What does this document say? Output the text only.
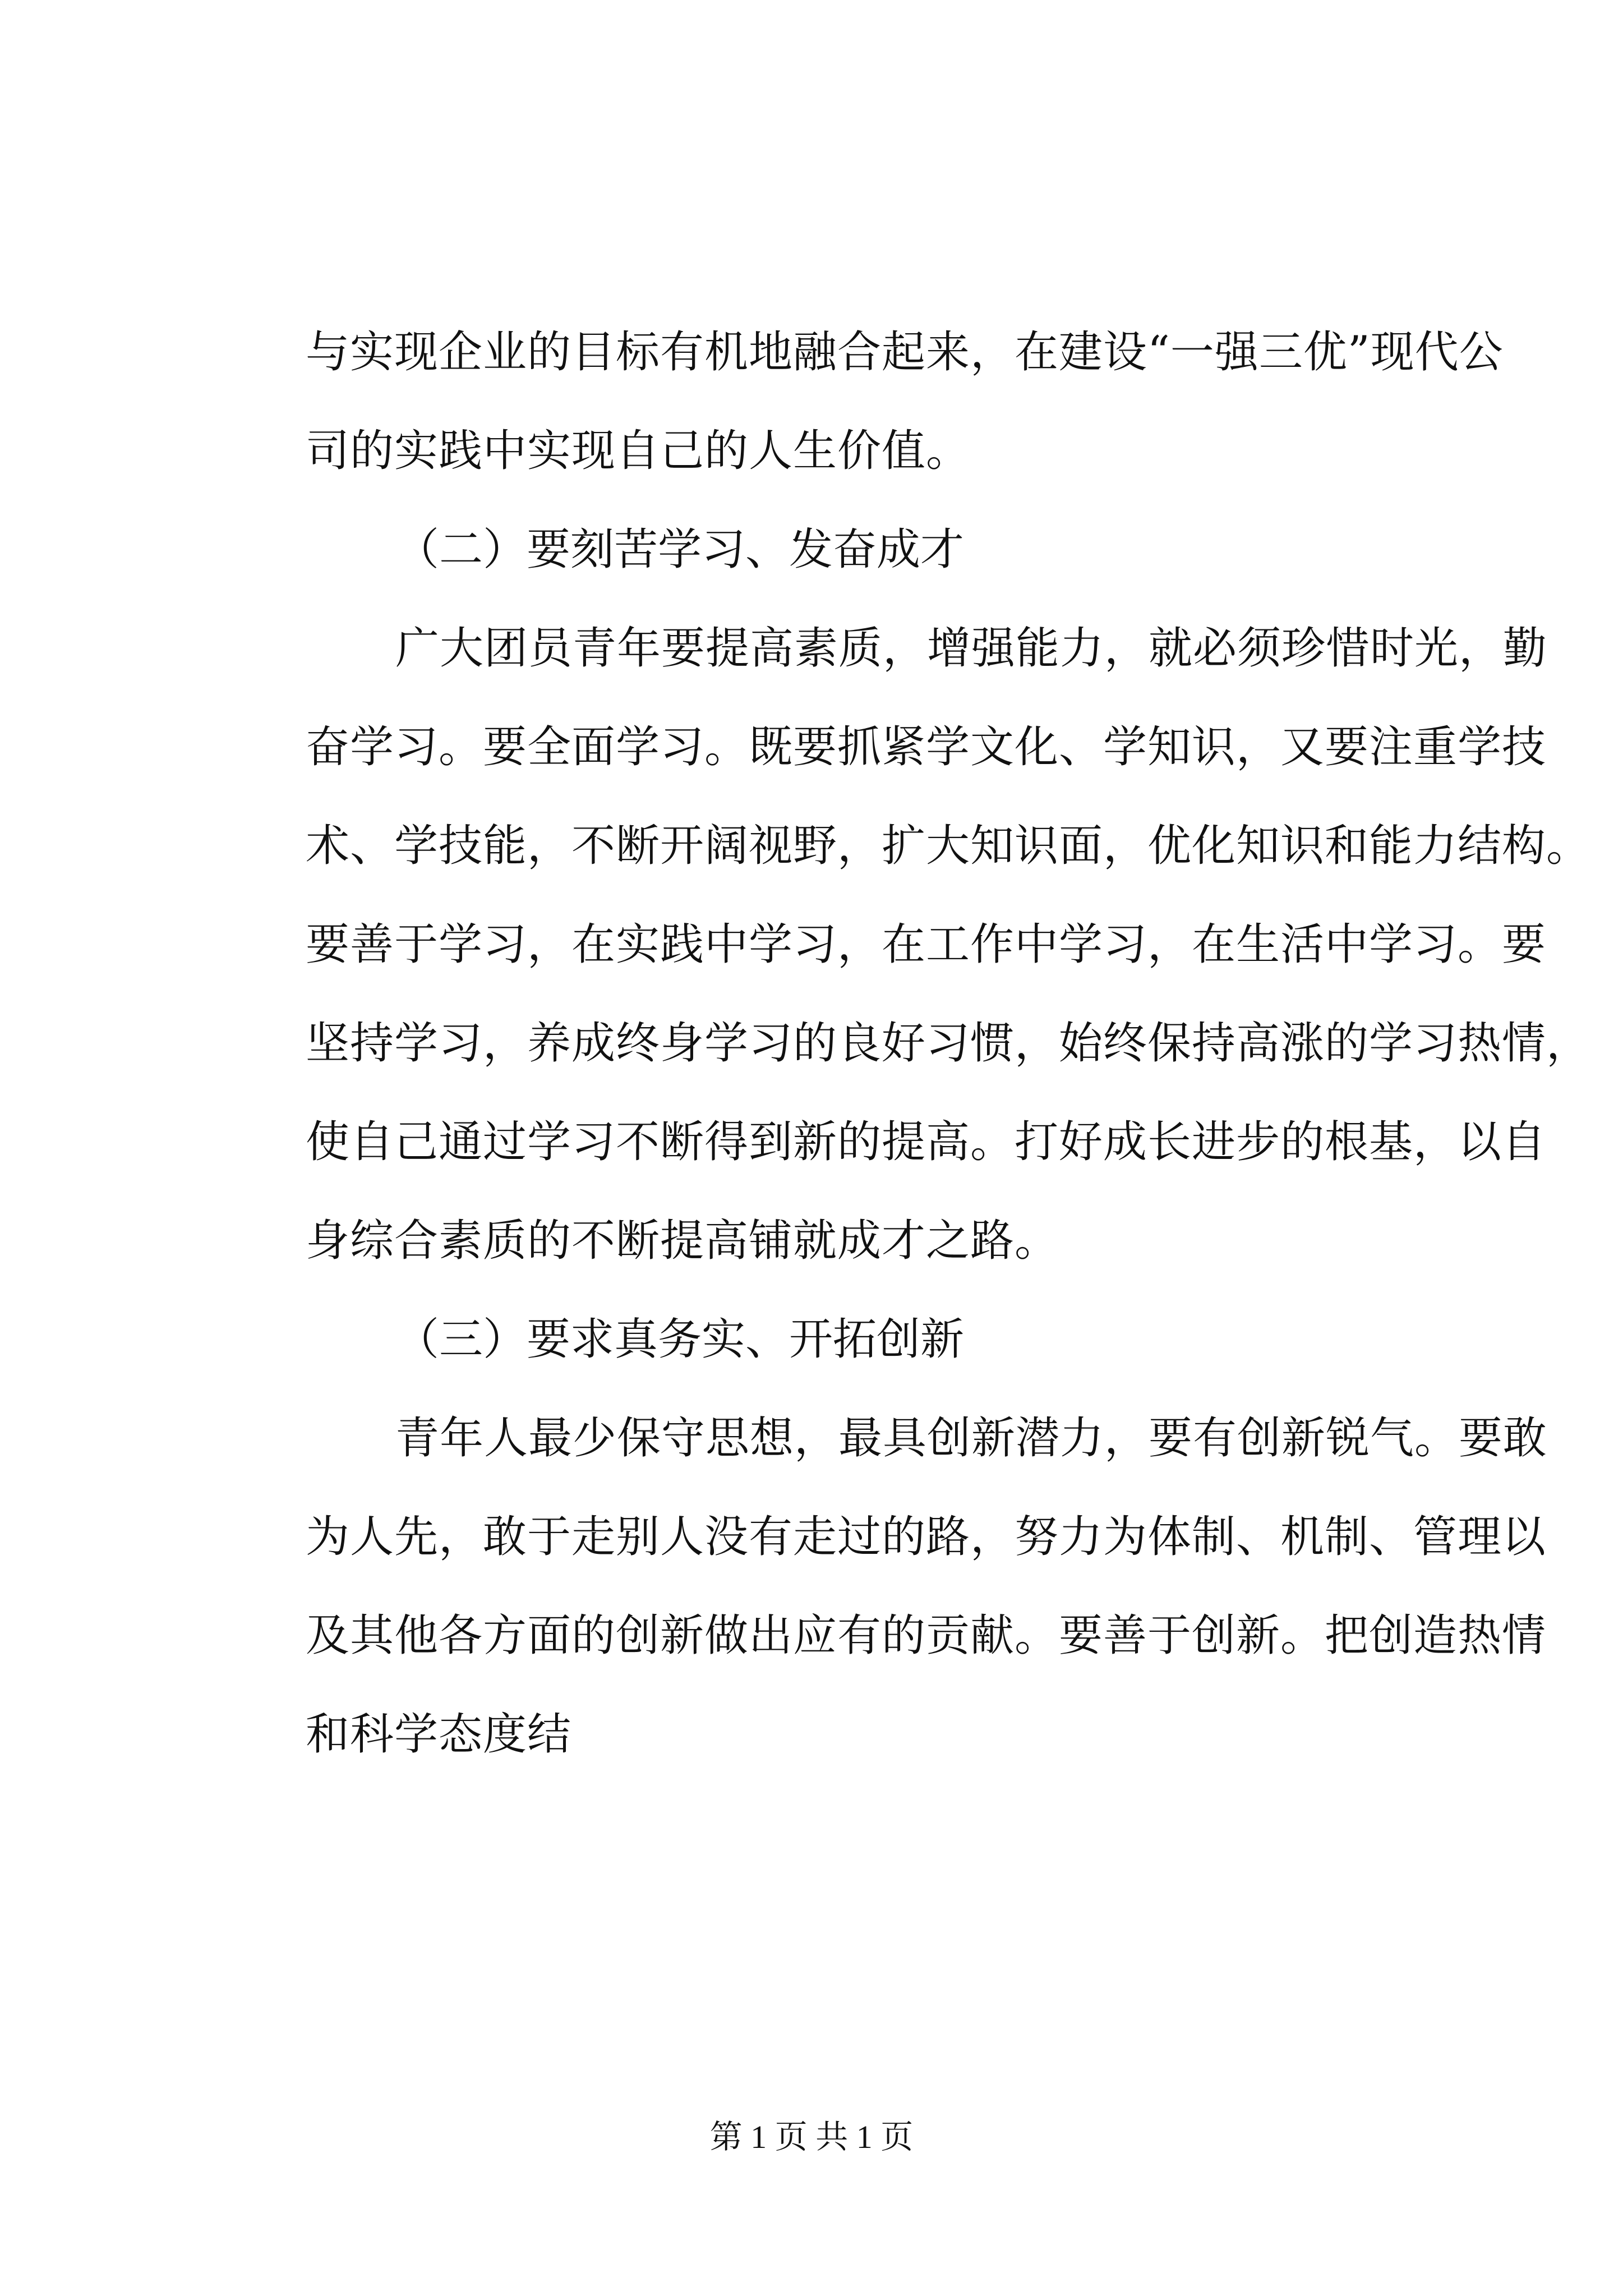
与实现企业的目标有机地融合起来，在建设“一强三优”现代公
司的实践中实现自己的人生价值。
（二）要刻苦学习、发奋成才
广大团员青年要提高素质，增强能力，就必须珍惜时光，勤
奋学习。要全面学习。既要抓紧学文化、学知识，又要注重学技
术、学技能，不断开阔视野，扩大知识面，优化知识和能力结构。
要善于学习，在实践中学习，在工作中学习，在生活中学习。要
坚持学习，养成终身学习的良好习惯，始终保持高涨的学习热情，
使自己通过学习不断得到新的提高。打好成长进步的根基，以自
身综合素质的不断提高铺就成才之路。
（三）要求真务实、开拓创新
青年人最少保守思想，最具创新潜力，要有创新锐气。要敢
为人先，敢于走别人没有走过的路，努力为体制、机制、管理以
及其他各方面的创新做出应有的贡献。要善于创新。把创造热情
和科学态度结
第 1 页 共 1 页
